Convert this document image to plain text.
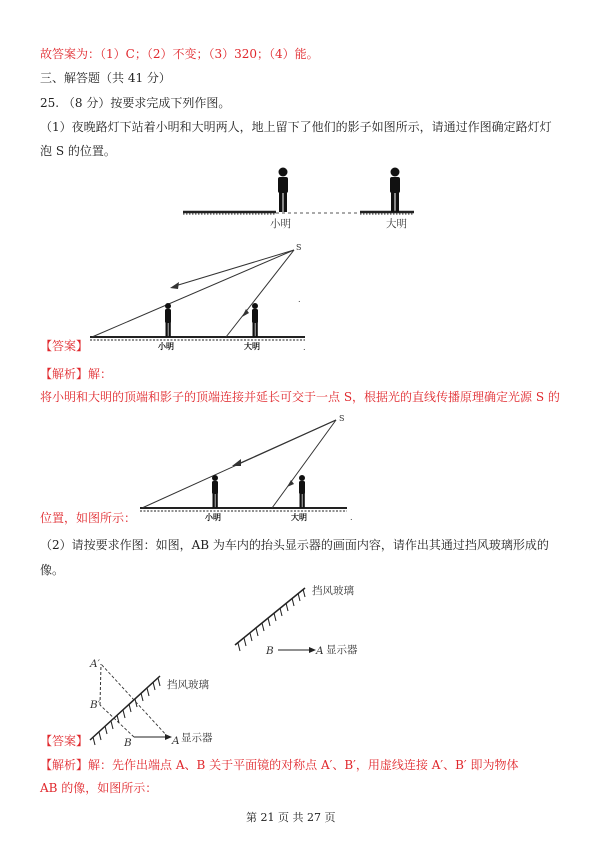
故答案为：（1）C；（2）不变；（3）320；（4）能。
三、解答题（共 41 分）
25. （8 分）按要求完成下列作图。
（1）夜晚路灯下站着小明和大明两人，地上留下了他们的影子如图所示，请通过作图确定路灯灯
泡 S 的位置。
小明	大明
S
.
小明	大明	.
S
小明	大明	.
挡风玻璃
B	A 显示器
挡风玻璃
B	A 显示器
A′
B′
【答案】
【解析】解：
将小明和大明的顶端和影子的顶端连接并延长可交于一点 S，根据光的直线传播原理确定光源 S 的
位置，如图所示：
（2）请按要求作图：如图，AB 为车内的抬头显示器的画面内容，请作出其通过挡风玻璃形成的
像。
【答案】
【解析】解：先作出端点 A、B 关于平面镜的对称点 A′、B′，用虚线连接 A′、B′ 即为物体
AB 的像，如图所示：
第 21 页 共 27 页
